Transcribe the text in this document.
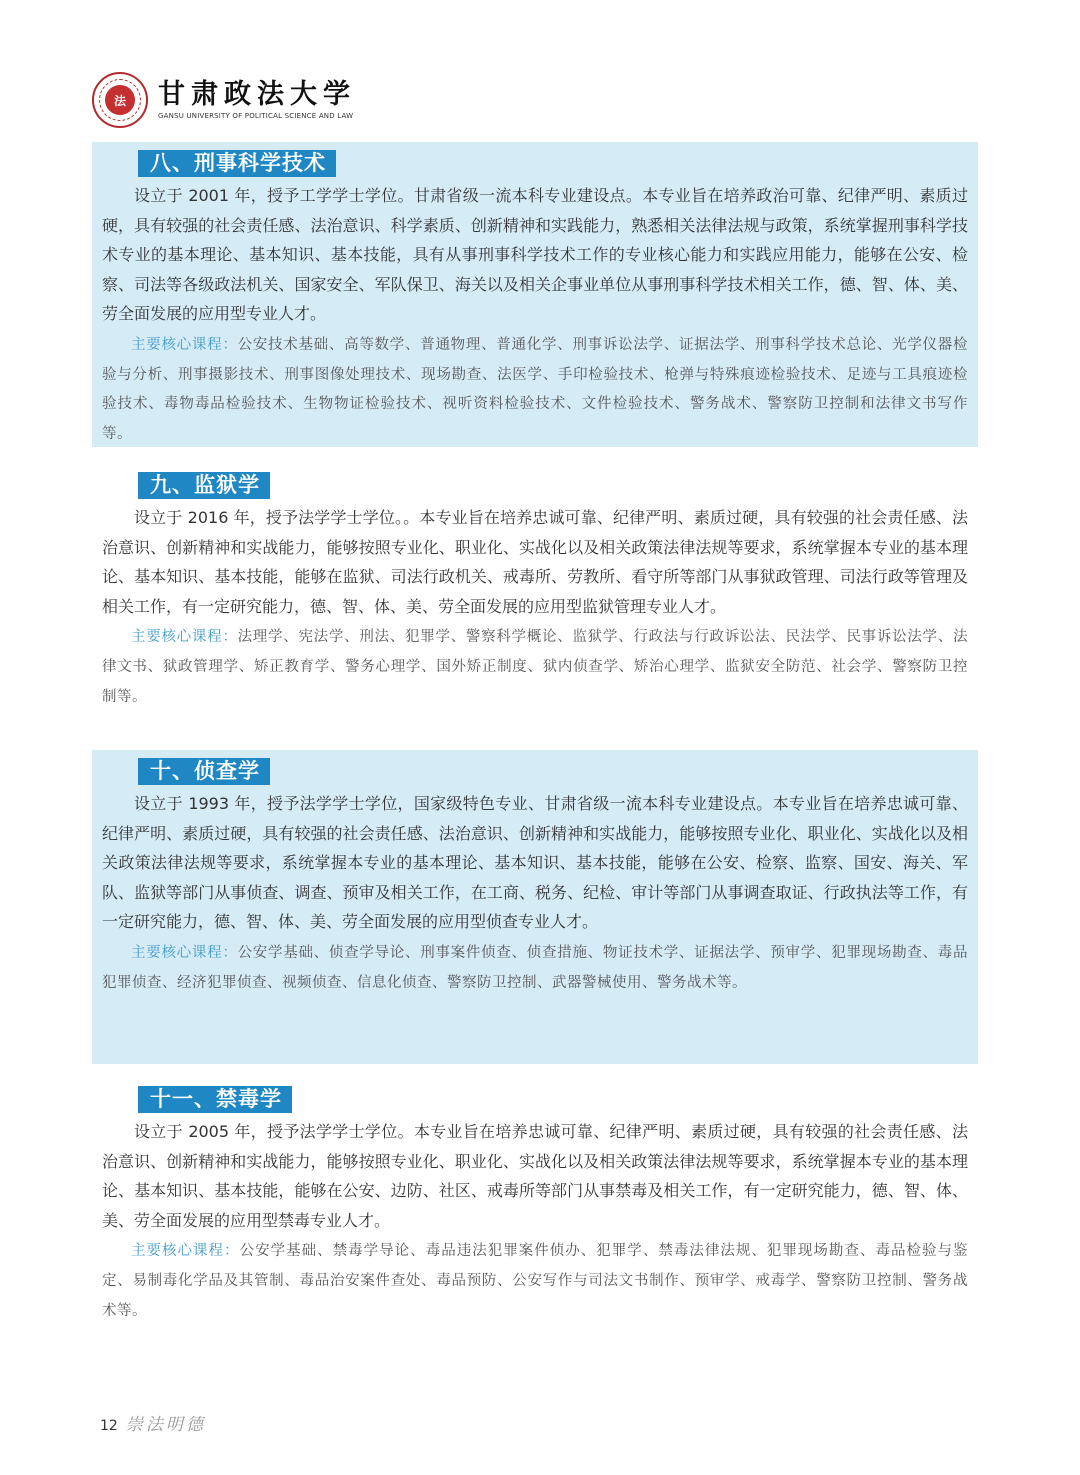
法	甘肃政法大学
GANSU UNIVERSITY OF POLITICAL SCIENCE AND LAW
八、刑事科学技术

设立于 2001 年，授予工学学士学位。甘肃省级一流本科专业建设点。本专业旨在培养政治可靠、纪律严明、素质过硬，具有较强的社会责任感、法治意识、科学素质、创新精神和实践能力，熟悉相关法律法规与政策，系统掌握刑事科学技术专业的基本理论、基本知识、基本技能，具有从事刑事科学技术工作的专业核心能力和实践应用能力，能够在公安、检察、司法等各级政法机关、国家安全、军队保卫、海关以及相关企事业单位从事刑事科学技术相关工作，德、智、体、美、劳全面发展的应用型专业人才。

主要核心课程：公安技术基础、高等数学、普通物理、普通化学、刑事诉讼法学、证据法学、刑事科学技术总论、光学仪器检验与分析、刑事摄影技术、刑事图像处理技术、现场勘查、法医学、手印检验技术、枪弹与特殊痕迹检验技术、足迹与工具痕迹检验技术、毒物毒品检验技术、生物物证检验技术、视听资料检验技术、文件检验技术、警务战术、警察防卫控制和法律文书写作等。

九、监狱学

设立于 2016 年，授予法学学士学位。。本专业旨在培养忠诚可靠、纪律严明、素质过硬，具有较强的社会责任感、法治意识、创新精神和实战能力，能够按照专业化、职业化、实战化以及相关政策法律法规等要求，系统掌握本专业的基本理论、基本知识、基本技能，能够在监狱、司法行政机关、戒毒所、劳教所、看守所等部门从事狱政管理、司法行政等管理及相关工作，有一定研究能力，德、智、体、美、劳全面发展的应用型监狱管理专业人才。

主要核心课程：法理学、宪法学、刑法、犯罪学、警察科学概论、监狱学、行政法与行政诉讼法、民法学、民事诉讼法学、法律文书、狱政管理学、矫正教育学、警务心理学、国外矫正制度、狱内侦查学、矫治心理学、监狱安全防范、社会学、警察防卫控制等。

十、侦查学

设立于 1993 年，授予法学学士学位，国家级特色专业、甘肃省级一流本科专业建设点。本专业旨在培养忠诚可靠、纪律严明、素质过硬，具有较强的社会责任感、法治意识、创新精神和实战能力，能够按照专业化、职业化、实战化以及相关政策法律法规等要求，系统掌握本专业的基本理论、基本知识、基本技能，能够在公安、检察、监察、国安、海关、军队、监狱等部门从事侦查、调查、预审及相关工作，在工商、税务、纪检、审计等部门从事调查取证、行政执法等工作，有一定研究能力，德、智、体、美、劳全面发展的应用型侦查专业人才。

主要核心课程：公安学基础、侦查学导论、刑事案件侦查、侦查措施、物证技术学、证据法学、预审学、犯罪现场勘查、毒品犯罪侦查、经济犯罪侦查、视频侦查、信息化侦查、警察防卫控制、武器警械使用、警务战术等。

十一、禁毒学

设立于 2005 年，授予法学学士学位。本专业旨在培养忠诚可靠、纪律严明、素质过硬，具有较强的社会责任感、法治意识、创新精神和实战能力，能够按照专业化、职业化、实战化以及相关政策法律法规等要求，系统掌握本专业的基本理论、基本知识、基本技能，能够在公安、边防、社区、戒毒所等部门从事禁毒及相关工作，有一定研究能力，德、智、体、美、劳全面发展的应用型禁毒专业人才。

主要核心课程：公安学基础、禁毒学导论、毒品违法犯罪案件侦办、犯罪学、禁毒法律法规、犯罪现场勘查、毒品检验与鉴定、易制毒化学品及其管制、毒品治安案件查处、毒品预防、公安写作与司法文书制作、预审学、戒毒学、警察防卫控制、警务战术等。

12 崇法明德
